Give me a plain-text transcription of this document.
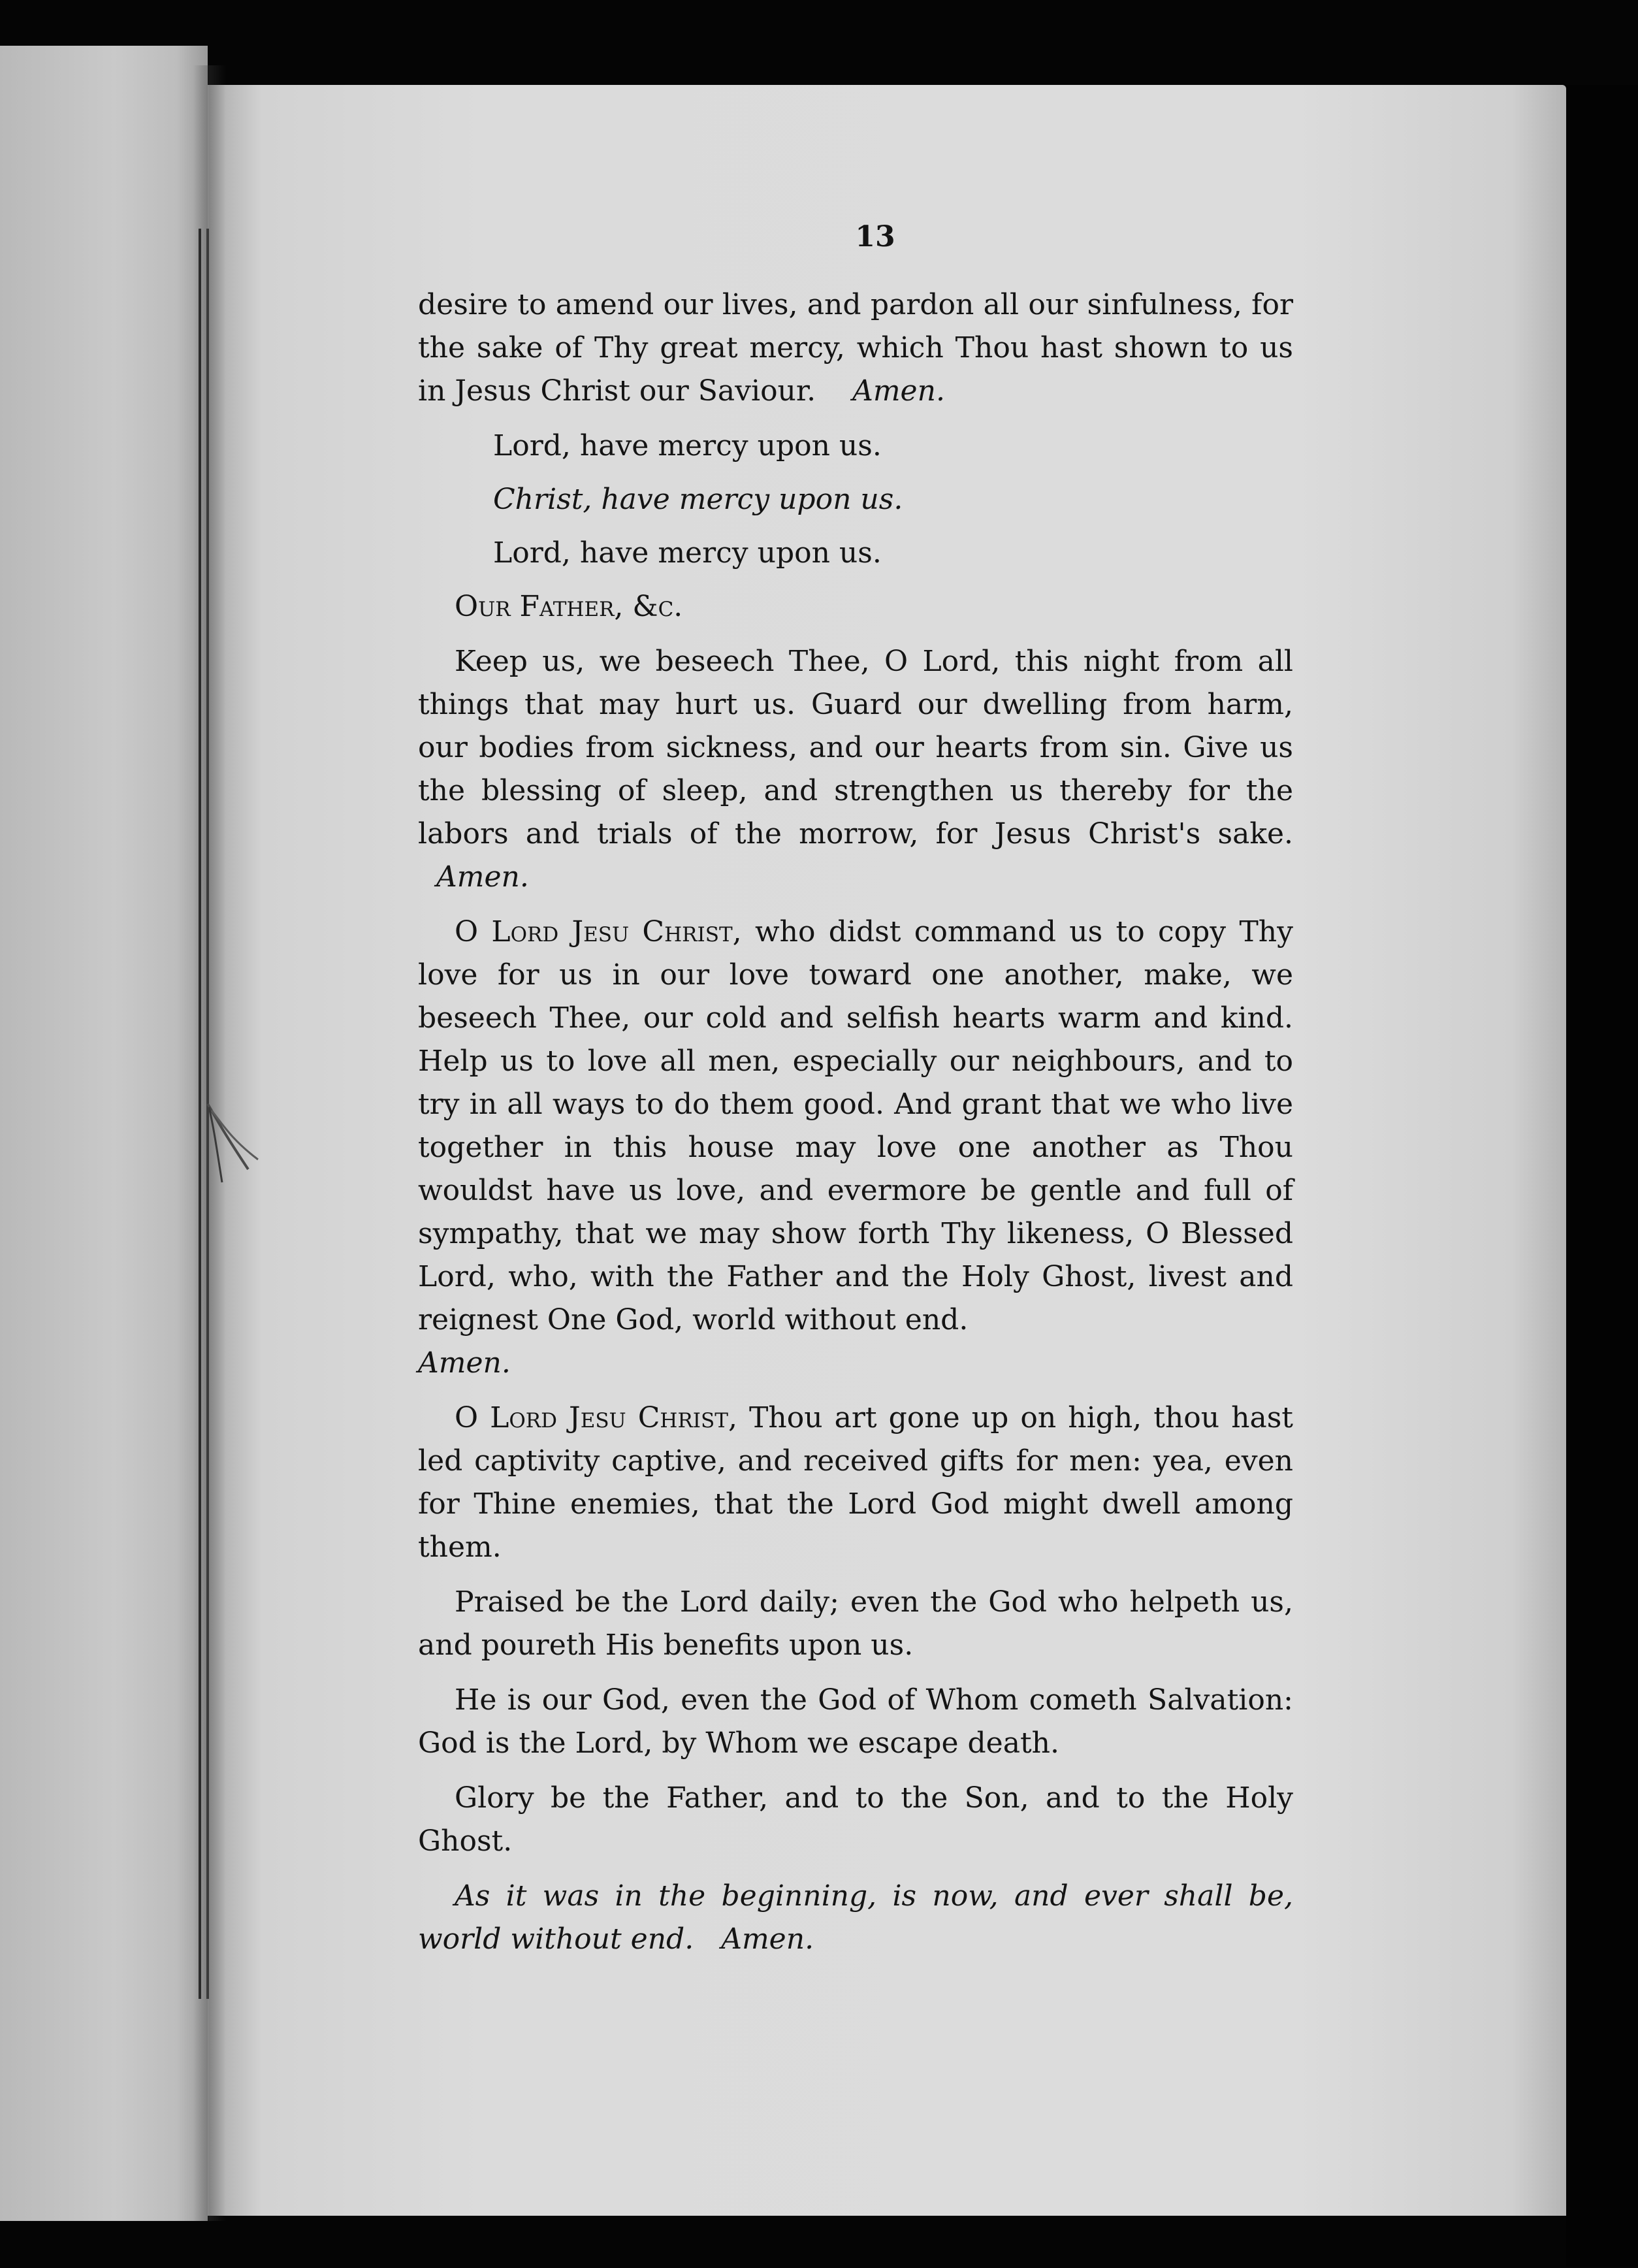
13

desire to amend our lives, and pardon all our sinfulness, for the sake of Thy great mercy, which Thou hast shown to us in Jesus Christ our Saviour. Amen.

Lord, have mercy upon us.

Christ, have mercy upon us.

Lord, have mercy upon us.

Our Father, &c.

Keep us, we beseech Thee, O Lord, this night from all things that may hurt us. Guard our dwelling from harm, our bodies from sickness, and our hearts from sin. Give us the blessing of sleep, and strengthen us thereby for the labors and trials of the morrow, for Jesus Christ's sake.   Amen.

O Lord Jesu Christ, who didst command us to copy Thy love for us in our love toward one another, make, we beseech Thee, our cold and selfish hearts warm and kind. Help us to love all men, especially our neighbours, and to try in all ways to do them good. And grant that we who live together in this house may love one another as Thou wouldst have us love, and evermore be gentle and full of sympathy, that we may show forth Thy likeness, O Blessed Lord, who, with the Father and the Holy Ghost, livest and reignest One God, world without end.
Amen.

O Lord Jesu Christ, Thou art gone up on high, thou hast led captivity captive, and received gifts for men: yea, even for Thine enemies, that the Lord God might dwell among them.

Praised be the Lord daily; even the God who helpeth us, and poureth His benefits upon us.

He is our God, even the God of Whom cometh Salvation: God is the Lord, by Whom we escape death.

Glory be the Father, and to the Son, and to the Holy Ghost.

As it was in the beginning, is now, and ever shall be, world without end. Amen.
